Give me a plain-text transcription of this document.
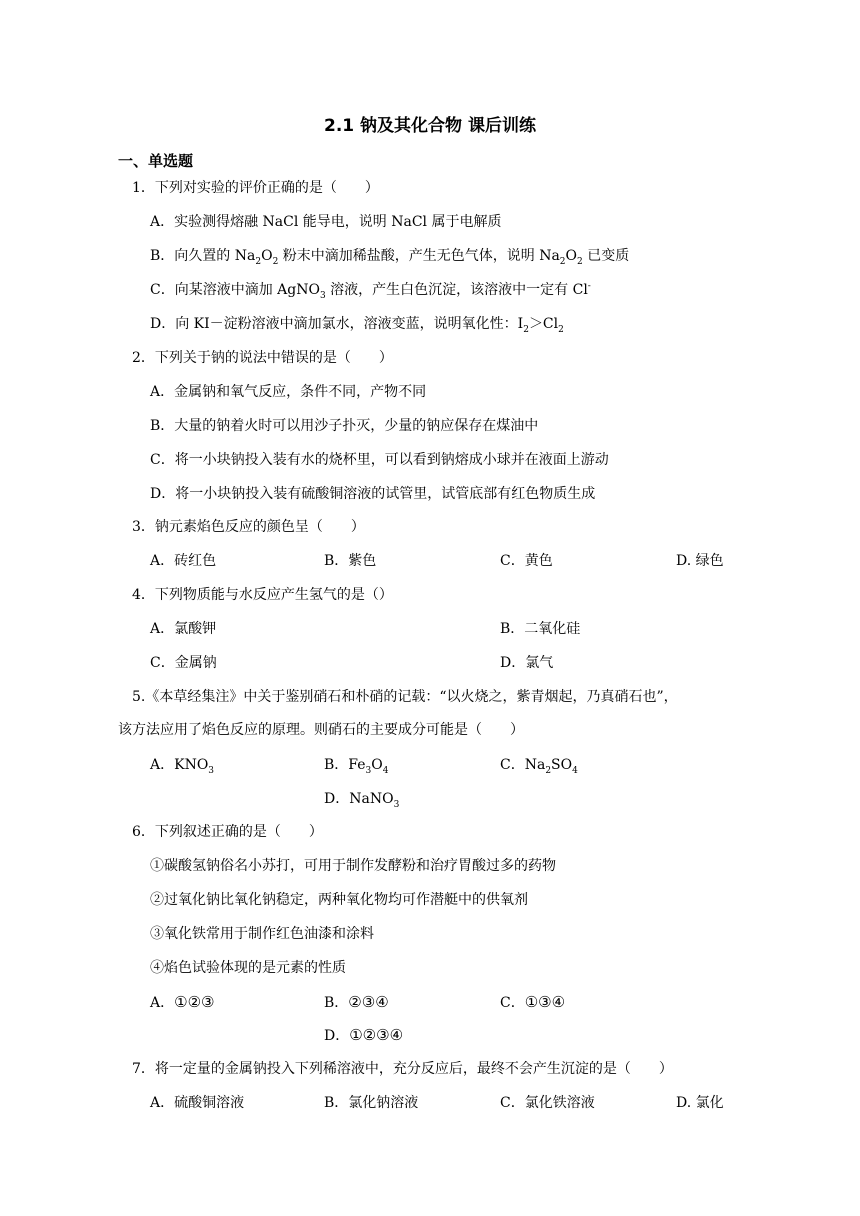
2.1 钠及其化合物 课后训练
一、单选题
1．下列对实验的评价正确的是（　　）
A．实验测得熔融 NaCl 能导电，说明 NaCl 属于电解质
B．向久置的 $Na_2O_2$ 粉末中滴加稀盐酸，产生无色气体，说明 $Na_2O_2$ 已变质
C．向某溶液中滴加 AgNO$_3$ 溶液，产生白色沉淀，该溶液中一定有 Cl-
D．向 KI－淀粉溶液中滴加氯水，溶液变蓝，说明氧化性：$I_2>Cl_2$
2．下列关于钠的说法中错误的是（　　）
A．金属钠和氧气反应，条件不同，产物不同
B．大量的钠着火时可以用沙子扑灭，少量的钠应保存在煤油中
C．将一小块钠投入装有水的烧杯里，可以看到钠熔成小球并在液面上游动
D．将一小块钠投入装有硫酸铜溶液的试管里，试管底部有红色物质生成
3．钠元素焰色反应的颜色呈（　　）
A．砖红色	B．紫色	C．黄色	D. 绿色
4．下列物质能与水反应产生氢气的是（）
A．氯酸钾	B．二氧化硅
C．金属钠	D．氯气
5.《本草经集注》中关于鉴别硝石和朴硝的记载：“以火烧之，紫青烟起，乃真硝石也”，
该方法应用了焰色反应的原理。则硝石的主要成分可能是（　　）
A．$KNO_3$	B．$Fe_3O_4$	C．$Na_2SO_4$
D．NaNO$_3$
6．下列叙述正确的是（　　）
①碳酸氢钠俗名小苏打，可用于制作发酵粉和治疗胃酸过多的药物
②过氧化钠比氧化钠稳定，两种氧化物均可作潜艇中的供氧剂
③氧化铁常用于制作红色油漆和涂料
④焰色试验体现的是元素的性质
A．①②③	B．②③④	C．①③④
D．①②③④
7．将一定量的金属钠投入下列稀溶液中，充分反应后，最终不会产生沉淀的是（　　）
A．硫酸铜溶液	B．氯化钠溶液	C．氯化铁溶液	D. 氯化
